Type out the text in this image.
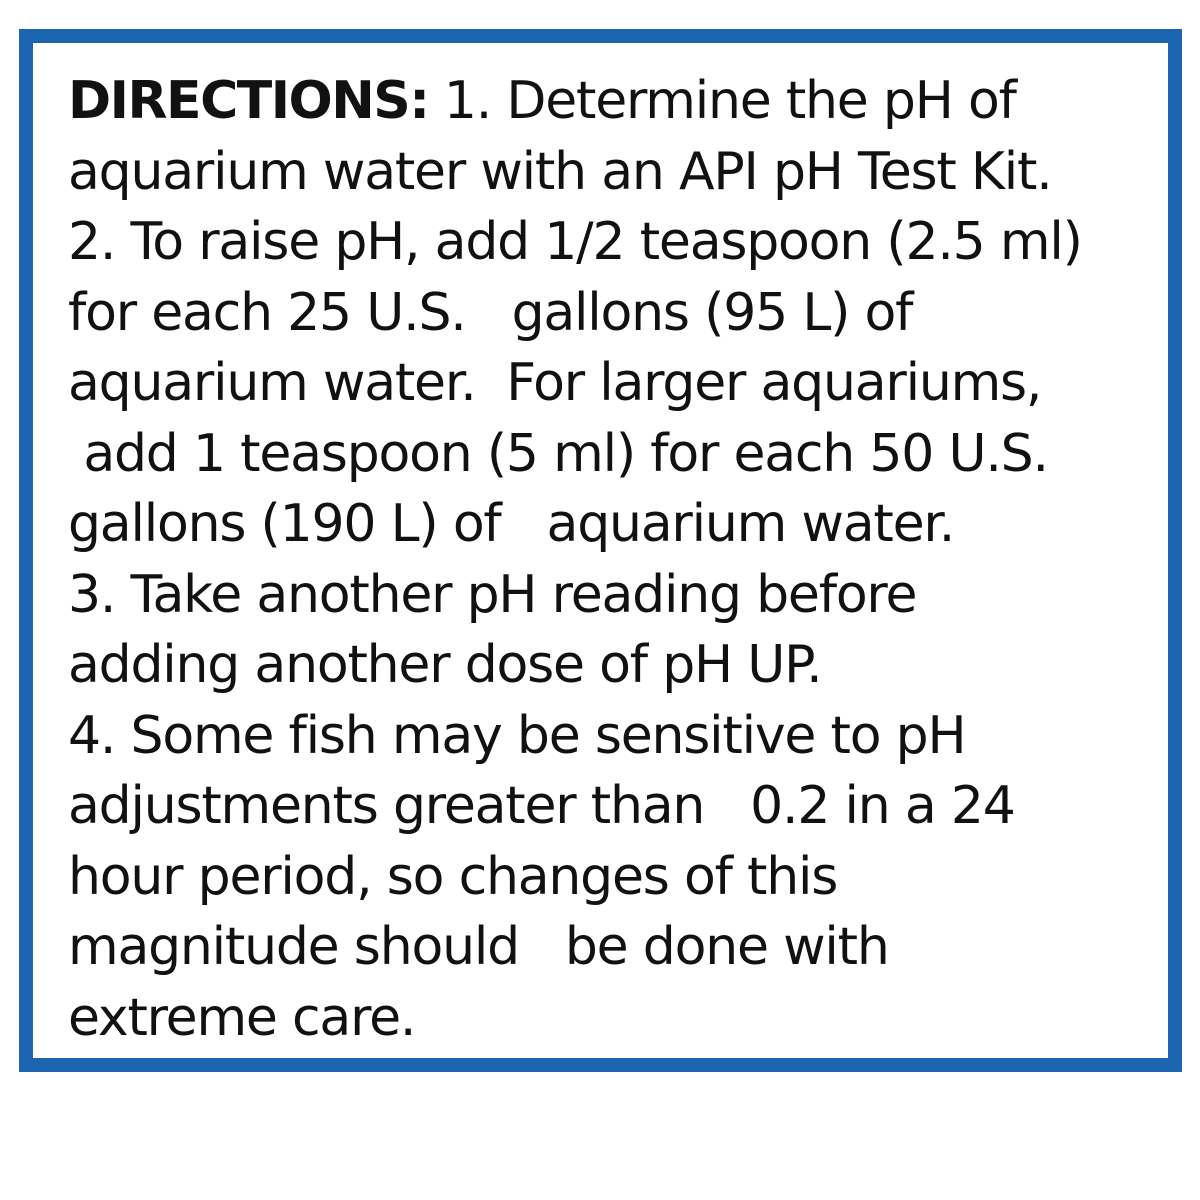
DIRECTIONS: 1. Determine the pH of
aquarium water with an API pH Test Kit.
2. To raise pH, add 1/2 teaspoon (2.5 ml)
for each 25 U.S.   gallons (95 L) of
aquarium water.  For larger aquariums,
add 1 teaspoon (5 ml) for each 50 U.S.
gallons (190 L) of   aquarium water.
3. Take another pH reading before
adding another dose of pH UP.
4. Some fish may be sensitive to pH
adjustments greater than   0.2 in a 24
hour period, so changes of this
magnitude should   be done with
extreme care.
